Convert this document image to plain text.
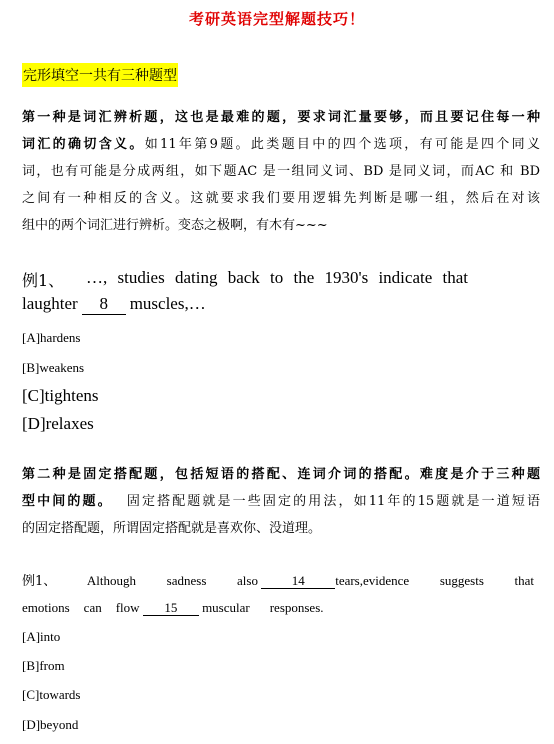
考研英语完型解题技巧！
完形填空一共有三种题型
第一种是词汇辨析题，这也是最难的题，要求词汇量要够，而且要记住每一种
词汇的确切含义。如11年第9题。此类题目中的四个选项，有可能是四个同义
词，也有可能是分成两组，如下题AC 是一组同义词、BD 是同义词，而AC 和 BD
之间有一种相反的含义。这就要求我们要用逻辑先判断是哪一组，然后在对该
组中的两个词汇进行辨析。变态之极啊，有木有~~~
例1、 …, studies dating back to the 1930's indicate that
laughter 8 muscles,…
[A]hardens
[B]weakens
[C]tightens
[D]relaxes
第二种是固定搭配题，包括短语的搭配、连词介词的搭配。难度是介于三种题
型中间的题。 固定搭配题就是一些固定的用法，如11年的15题就是一道短语
的固定搭配题，所谓固定搭配就是喜欢你、没道理。
例1、 Although sadness also	14 tears,evidence suggests that
emotions can flow 15 muscular responses.
[A]into
[B]from
[C]towards
[D]beyond
